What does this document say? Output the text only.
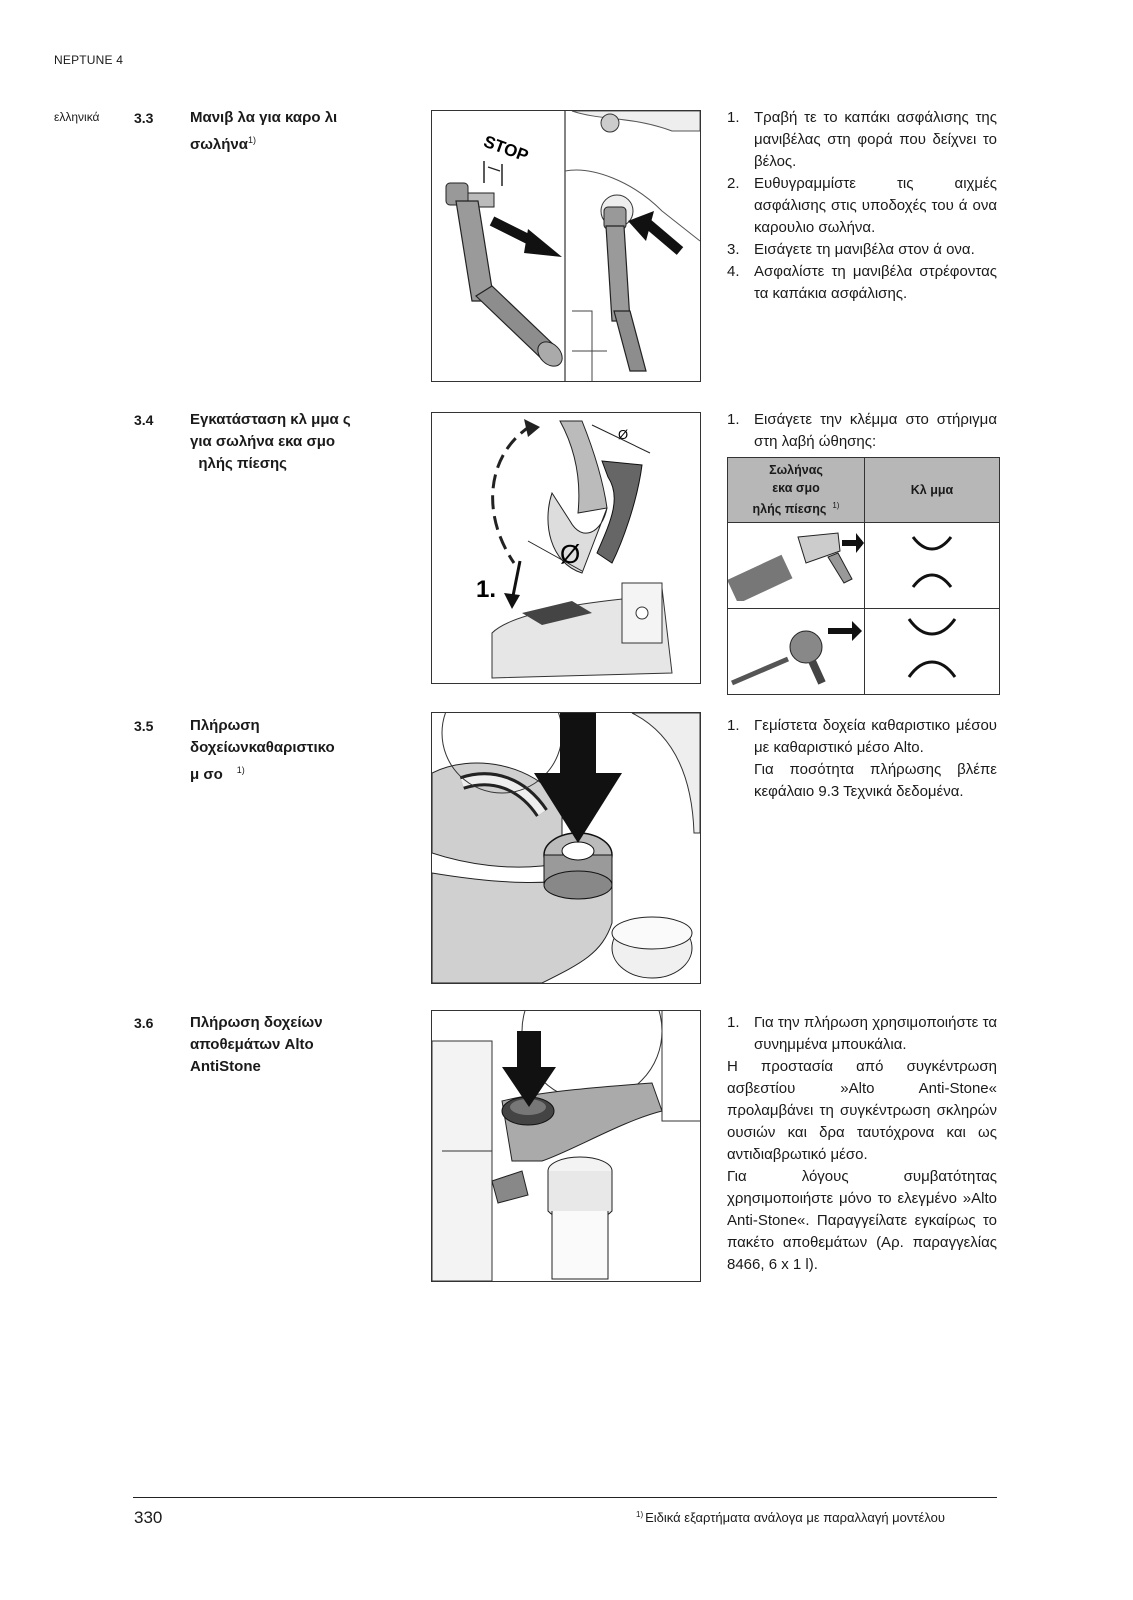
NEPTUNE 4
ελληνικά 3.3 Μανιβ λα για καρο λι
σωλήνα$^{1)}$	STOP
1. Τραβή τε το καπάκι ασφάλισης της μανιβέλας στη φορά που δείχνει το βέλος.
2. Ευθυγραμμίστε τις αιχμές ασφάλισης στις υποδοχές του ά ονα καρουλιο σωλήνα.
3. Εισάγετε τη μανιβέλα στον ά ονα.
4. Ασφαλίστε τη μανιβέλα στρέφοντας τα καπάκια ασφάλισης.
3.4 Εγκατάσταση κλ μμα ς
για σωλήνα εκα σμο
ηλής πίεσης
Ø
Ø
1.
1. Εισάγετε την κλέμμα στο στήριγμα στη λαβή ώθησης:
Σωλήνας
εκα σμο
ηλής πίεσης $^{1)}$	Κλ μμα

3.5 Πλήρωση
δοχείωνκαθαριστικο
μ σο $^{1)}$
1. Γεμίστετα δοχεία καθαριστικο μέσου με καθαριστικό μέσο Alto.

Για ποσότητα πλήρωσης βλέπε κεφάλαιο 9.3 Τεχνικά δεδομένα.

3.6 Πλήρωση δοχείων
αποθεμάτων Alto
AntiStone
1. Για την πλήρωση χρησιμοποιήστε τα συνημμένα μπουκάλια.

Η προστασία από συγκέντρωση ασβεστίου »Alto Anti-Stone« προλαμβάνει τη συγκέντρωση σκληρών ουσιών και δρα ταυτόχρονα και ως αντιδιαβρωτικό μέσο.

Για λόγους συμβατότητας χρησιμοποιήστε μόνο το ελεγμένο »Alto Anti-Stone«. Παραγγείλατε εγκαίρως το πακέτο αποθεμάτων (Αρ. παραγγελίας 8466, 6 x 1 l).

330	$^{1)}$ Ειδικά εξαρτήματα ανάλογα με παραλλαγή μοντέλου
